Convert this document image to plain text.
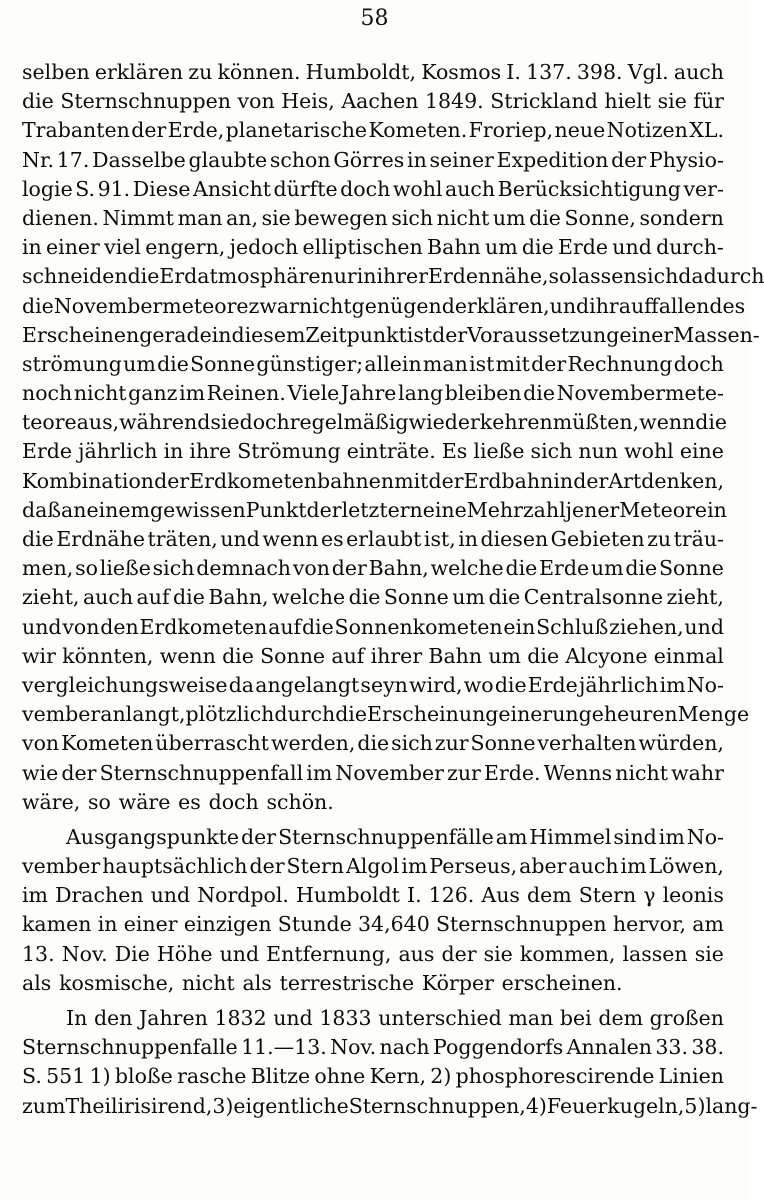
58
selben erklären zu können. Humboldt, Kosmos I. 137. 398. Vgl. auch
die Sternschnuppen von Heis, Aachen 1849. Strickland hielt sie für
Trabanten der Erde, planetarische Kometen. Froriep, neue Notizen XL.
Nr. 17. Dasselbe glaubte schon Görres in seiner Expedition der Physio-
logie S. 91. Diese Ansicht dürfte doch wohl auch Berücksichtigung ver-
dienen. Nimmt man an, sie bewegen sich nicht um die Sonne, sondern
in einer viel engern, jedoch elliptischen Bahn um die Erde und durch-
schneiden die Erdatmosphäre nur in ihrer Erdennähe, so lassen sich dadurch
die Novembermeteore zwar nicht genügend erklären, und ihr auffallendes
Erscheinen gerade in diesem Zeitpunkt ist der Voraussetzung einer Massen-
strömung um die Sonne günstiger; allein man ist mit der Rechnung doch
noch nicht ganz im Reinen. Viele Jahre lang bleiben die Novembermete-
teore aus, während sie doch regelmäßig wiederkehren müßten, wenn die
Erde jährlich in ihre Strömung einträte. Es ließe sich nun wohl eine
Kombination der Erdkometenbahnen mit der Erdbahn in der Art denken,
daß an einem gewissen Punkt der letztern eine Mehrzahl jener Meteore in
die Erdnähe träten, und wenn es erlaubt ist, in diesen Gebieten zu träu-
men, so ließe sich demnach von der Bahn, welche die Erde um die Sonne
zieht, auch auf die Bahn, welche die Sonne um die Centralsonne zieht,
und von den Erdkometen auf die Sonnenkometen ein Schluß ziehen, und
wir könnten, wenn die Sonne auf ihrer Bahn um die Alcyone einmal
vergleichungsweise da angelangt seyn wird, wo die Erde jährlich im No-
vember anlangt, plötzlich durch die Erscheinung einer ungeheuren Menge
von Kometen überrascht werden, die sich zur Sonne verhalten würden,
wie der Sternschnuppenfall im November zur Erde. Wenns nicht wahr
wäre, so wäre es doch schön.
Ausgangspunkte der Sternschnuppenfälle am Himmel sind im No-
vember hauptsächlich der Stern Algol im Perseus, aber auch im Löwen,
im Drachen und Nordpol. Humboldt I. 126. Aus dem Stern γ leonis
kamen in einer einzigen Stunde 34,640 Sternschnuppen hervor, am
13. Nov. Die Höhe und Entfernung, aus der sie kommen, lassen sie
als kosmische, nicht als terrestrische Körper erscheinen.
In den Jahren 1832 und 1833 unterschied man bei dem großen
Sternschnuppenfalle 11.—13. Nov. nach Poggendorfs Annalen 33. 38.
S. 551 1) bloße rasche Blitze ohne Kern, 2) phosphorescirende Linien
zum Theil irisirend, 3) eigentliche Sternschnuppen, 4) Feuerkugeln, 5) lang-
